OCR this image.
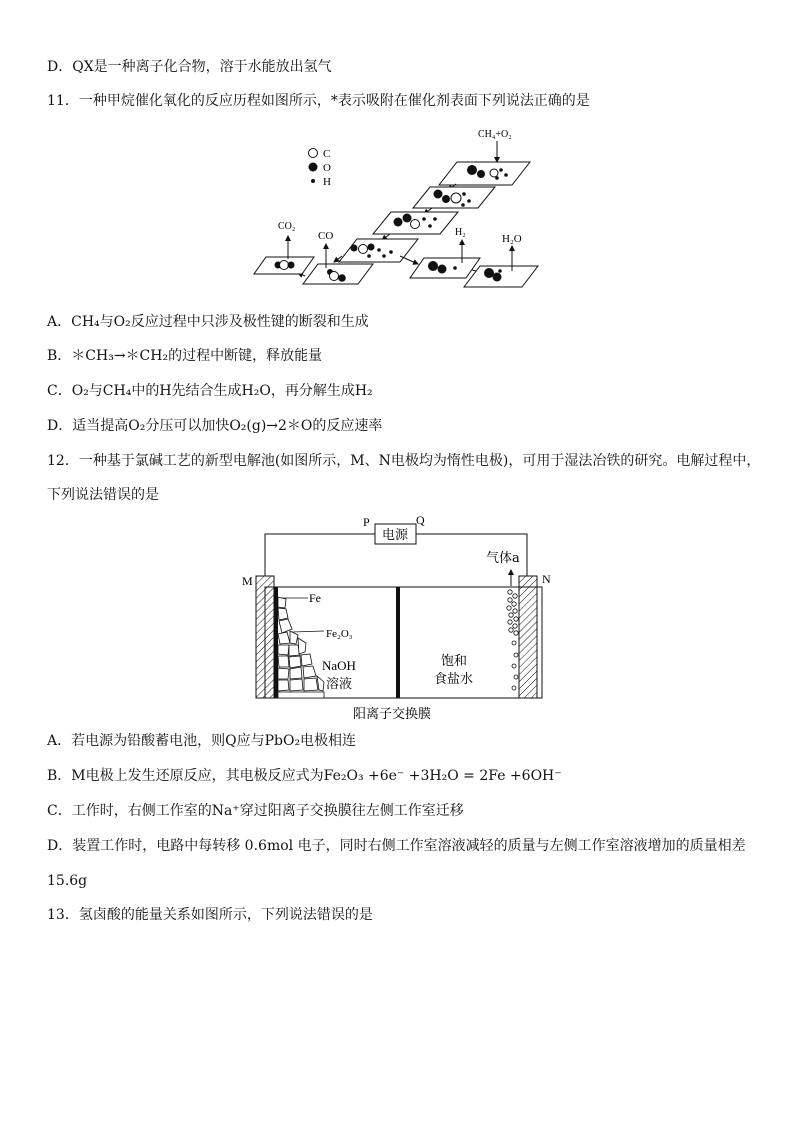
D．QX是一种离子化合物，溶于水能放出氢气
11．一种甲烷催化氧化的反应历程如图所示，*表示吸附在催化剂表面下列说法正确的是
C
O
H
CH₄+O₂
CO
CO₂
H₂
H₂O
A．CH₄与O₂反应过程中只涉及极性键的断裂和生成
B．＊CH₃→＊CH₂的过程中断键，释放能量
C．O₂与CH₄中的H先结合生成H₂O，再分解生成H₂
D．适当提高O₂分压可以加快O₂(g)→2＊O的反应速率
12．一种基于氯碱工艺的新型电解池(如图所示，M、N电极均为惰性电极)，可用于湿法冶铁的研究。电解过程中，
下列说法错误的是
电源
P	Q
M	N
Fe
Fe₂O₃
NaOH
溶液
阳离子交换膜
饱和
食盐水
气体a
A．若电源为铅酸蓄电池，则Q应与PbO₂电极相连
B．M电极上发生还原反应，其电极反应式为Fe₂O₃ +6e⁻ +3H₂O = 2Fe +6OH⁻
C．工作时，右侧工作室的Na⁺穿过阳离子交换膜往左侧工作室迁移
D．装置工作时，电路中每转移 0.6mol 电子，同时右侧工作室溶液减轻的质量与左侧工作室溶液增加的质量相差
15.6g
13．氢卤酸的能量关系如图所示，下列说法错误的是
